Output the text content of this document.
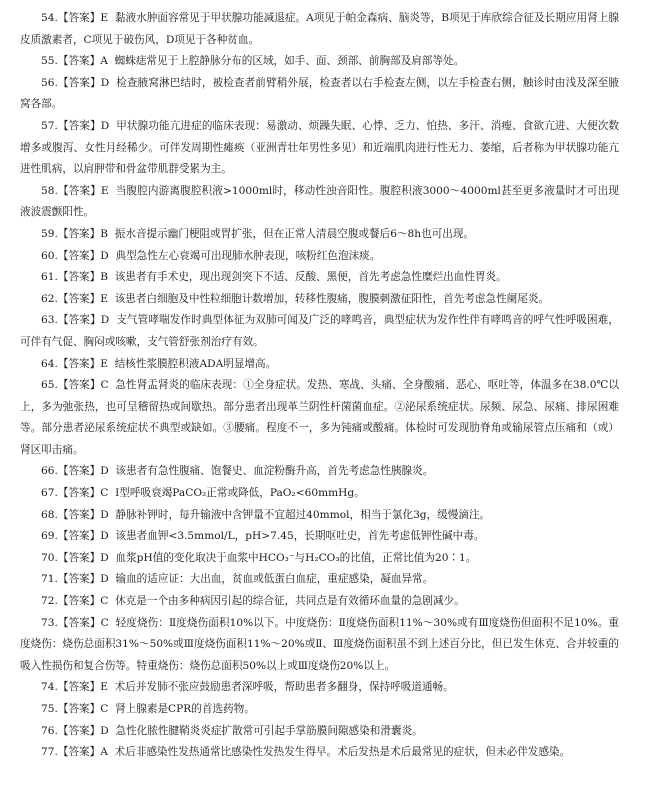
54.【答案】E 黏液水肿面容常见于甲状腺功能减退症。A项见于帕金森病、脑炎等，B项见于库欣综合征及长期应用肾上腺皮质激素者，C项见于破伤风，D项见于各种贫血。

55.【答案】A 蜘蛛痣常见于上腔静脉分布的区域，如手、面、颈部、前胸部及肩部等处。

56.【答案】D 检查腋窝淋巴结时，被检查者前臂稍外展，检查者以右手检查左侧，以左手检查右侧，触诊时由浅及深至腋窝各部。

57.【答案】D 甲状腺功能亢进症的临床表现：易激动、烦躁失眠、心悸、乏力、怕热、多汗、消瘦、食欲亢进、大便次数增多或腹泻、女性月经稀少。可伴发周期性瘫痪（亚洲青壮年男性多见）和近端肌肉进行性无力、萎缩，后者称为甲状腺功能亢进性肌病，以肩胛带和骨盆带肌群受累为主。

58.【答案】E 当腹腔内游离腹腔积液>1000ml时，移动性浊音阳性。腹腔积液3000～4000ml甚至更多液量时才可出现液波震颤阳性。

59.【答案】B 振水音提示幽门梗阻或胃扩张，但在正常人清晨空腹或餐后6～8h也可出现。

60.【答案】D 典型急性左心衰竭可出现肺水肿表现，咳粉红色泡沫痰。

61.【答案】B 该患者有手术史，现出现剑突下不适、反酸、黑便，首先考虑急性糜烂出血性胃炎。

62.【答案】E 该患者白细胞及中性粒细胞计数增加，转移性腹痛，腹膜刺激征阳性，首先考虑急性阑尾炎。

63.【答案】D 支气管哮喘发作时典型体征为双肺可闻及广泛的哮鸣音，典型症状为发作性伴有哮鸣音的呼气性呼吸困难，可伴有气促、胸闷或咳嗽，支气管舒张剂治疗有效。

64.【答案】E 结核性浆膜腔积液ADA明显增高。

65.【答案】C 急性肾盂肾炎的临床表现：①全身症状。发热、寒战、头痛、全身酸痛、恶心、呕吐等，体温多在38.0℃以上，多为弛张热，也可呈稽留热或间歇热。部分患者出现革兰阴性杆菌菌血症。②泌尿系统症状。尿频、尿急、尿痛、排尿困难等。部分患者泌尿系统症状不典型或缺如。③腰痛。程度不一，多为钝痛或酸痛。体检时可发现肋脊角或输尿管点压痛和（或）肾区叩击痛。

66.【答案】D 该患者有急性腹痛、饱餐史、血淀粉酶升高，首先考虑急性胰腺炎。

67.【答案】C Ⅰ型呼吸衰竭PaCO₂正常或降低，PaO₂<60mmHg。

68.【答案】D 静脉补钾时，每升输液中含钾量不宜超过40mmol，相当于氯化3g，缓慢滴注。

69.【答案】D 该患者血钾<3.5mmol/L，pH>7.45，长期呕吐史，首先考虑低钾性碱中毒。

70.【答案】D 血浆pH值的变化取决于血浆中HCO₃⁻与H₂CO₃的比值，正常比值为20∶1。

71.【答案】D 输血的适应证：大出血，贫血或低蛋白血症，重症感染，凝血异常。

72.【答案】C 休克是一个由多种病因引起的综合征，共同点是有效循环血量的急剧减少。

73.【答案】C 轻度烧伤：Ⅱ度烧伤面积10%以下。中度烧伤：Ⅱ度烧伤面积11%～30%或有Ⅲ度烧伤但面积不足10%。重度烧伤：烧伤总面积31%～50%或Ⅲ度烧伤面积11%～20%或Ⅱ、Ⅲ度烧伤面积虽不到上述百分比，但已发生休克、合并较重的吸入性损伤和复合伤等。特重烧伤：烧伤总面积50%以上或Ⅲ度烧伤20%以上。

74.【答案】E 术后并发肺不张应鼓励患者深呼吸，帮助患者多翻身，保持呼吸道通畅。

75.【答案】C 肾上腺素是CPR的首选药物。

76.【答案】D 急性化脓性腱鞘炎炎症扩散常可引起手掌筋膜间隙感染和滑囊炎。

77.【答案】A 术后非感染性发热通常比感染性发热发生得早。术后发热是术后最常见的症状，但未必伴发感染。
